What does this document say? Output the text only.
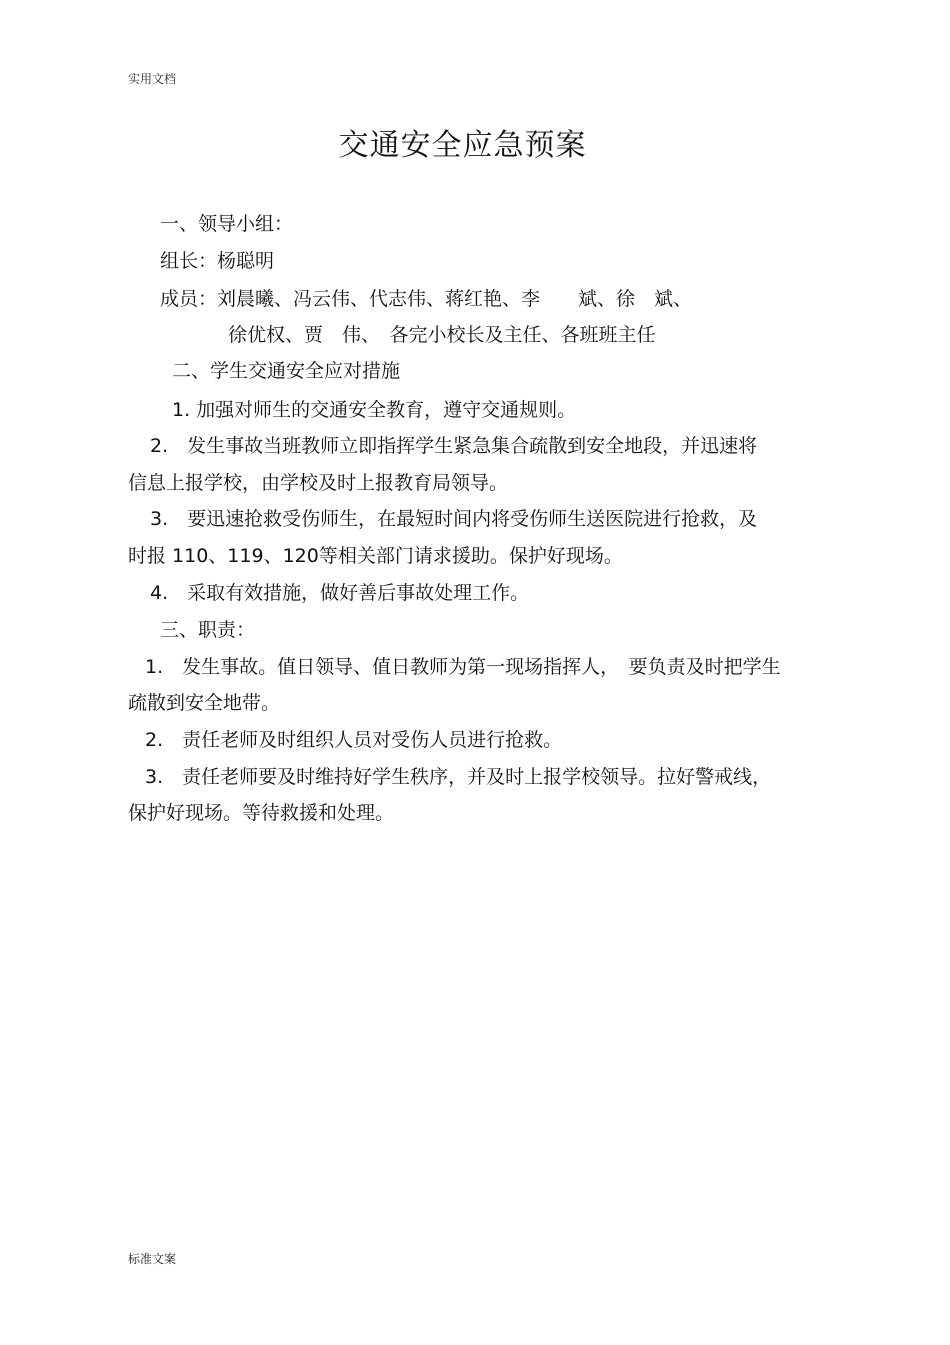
实用文档
交通安全应急预案
一、领导小组：
组长：杨聪明
成员：刘晨曦、冯云伟、代志伟、蒋红艳、李　　斌、徐　斌、
徐优权、贾　伟、　各完小校长及主任、各班班主任
二、学生交通安全应对措施
1. 加强对师生的交通安全教育，遵守交通规则。
2.　发生事故当班教师立即指挥学生紧急集合疏散到安全地段，并迅速将
信息上报学校，由学校及时上报教育局领导。
3.　要迅速抢救受伤师生，在最短时间内将受伤师生送医院进行抢救，及
时报 110、119、120等相关部门请求援助。保护好现场。
4.　采取有效措施，做好善后事故处理工作。
三、职责：
1.　发生事故。值日领导、值日教师为第一现场指挥人，　要负责及时把学生
疏散到安全地带。
2.　责任老师及时组织人员对受伤人员进行抢救。
3.　责任老师要及时维持好学生秩序，并及时上报学校领导。拉好警戒线，
保护好现场。等待救援和处理。
标准文案
